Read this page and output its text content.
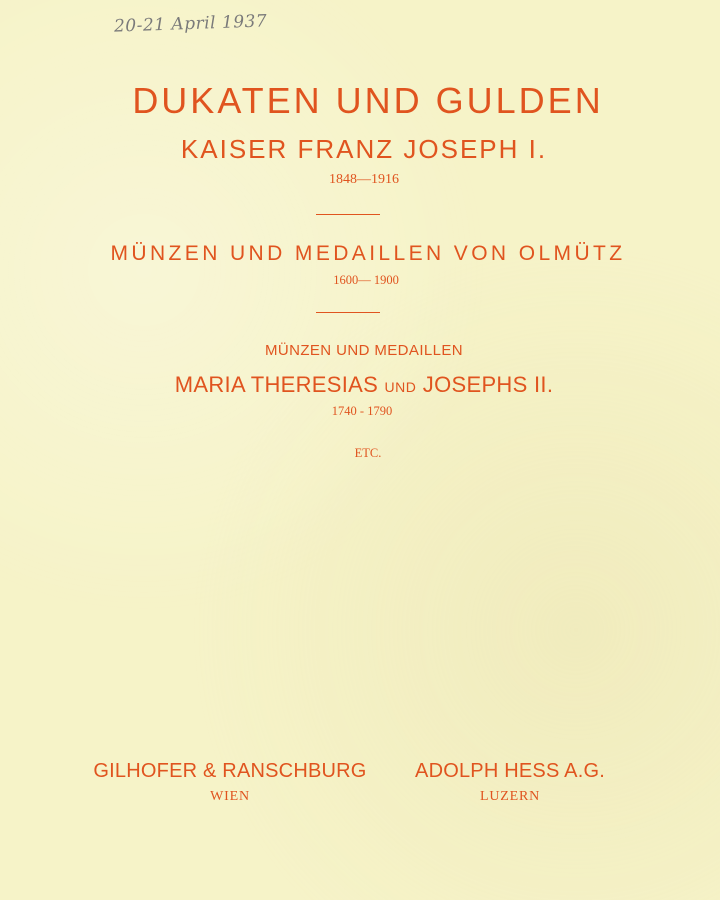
20-21 April 1937
DUKATEN UND GULDEN
KAISER FRANZ JOSEPH I.
1848—1916
MÜNZEN UND MEDAILLEN VON OLMÜTZ
1600— 1900
MÜNZEN UND MEDAILLEN
MARIA THERESIAS UND JOSEPHS II.
1740 - 1790
ETC.
GILHOFER & RANSCHBURG
WIEN
ADOLPH HESS A.G.
LUZERN
